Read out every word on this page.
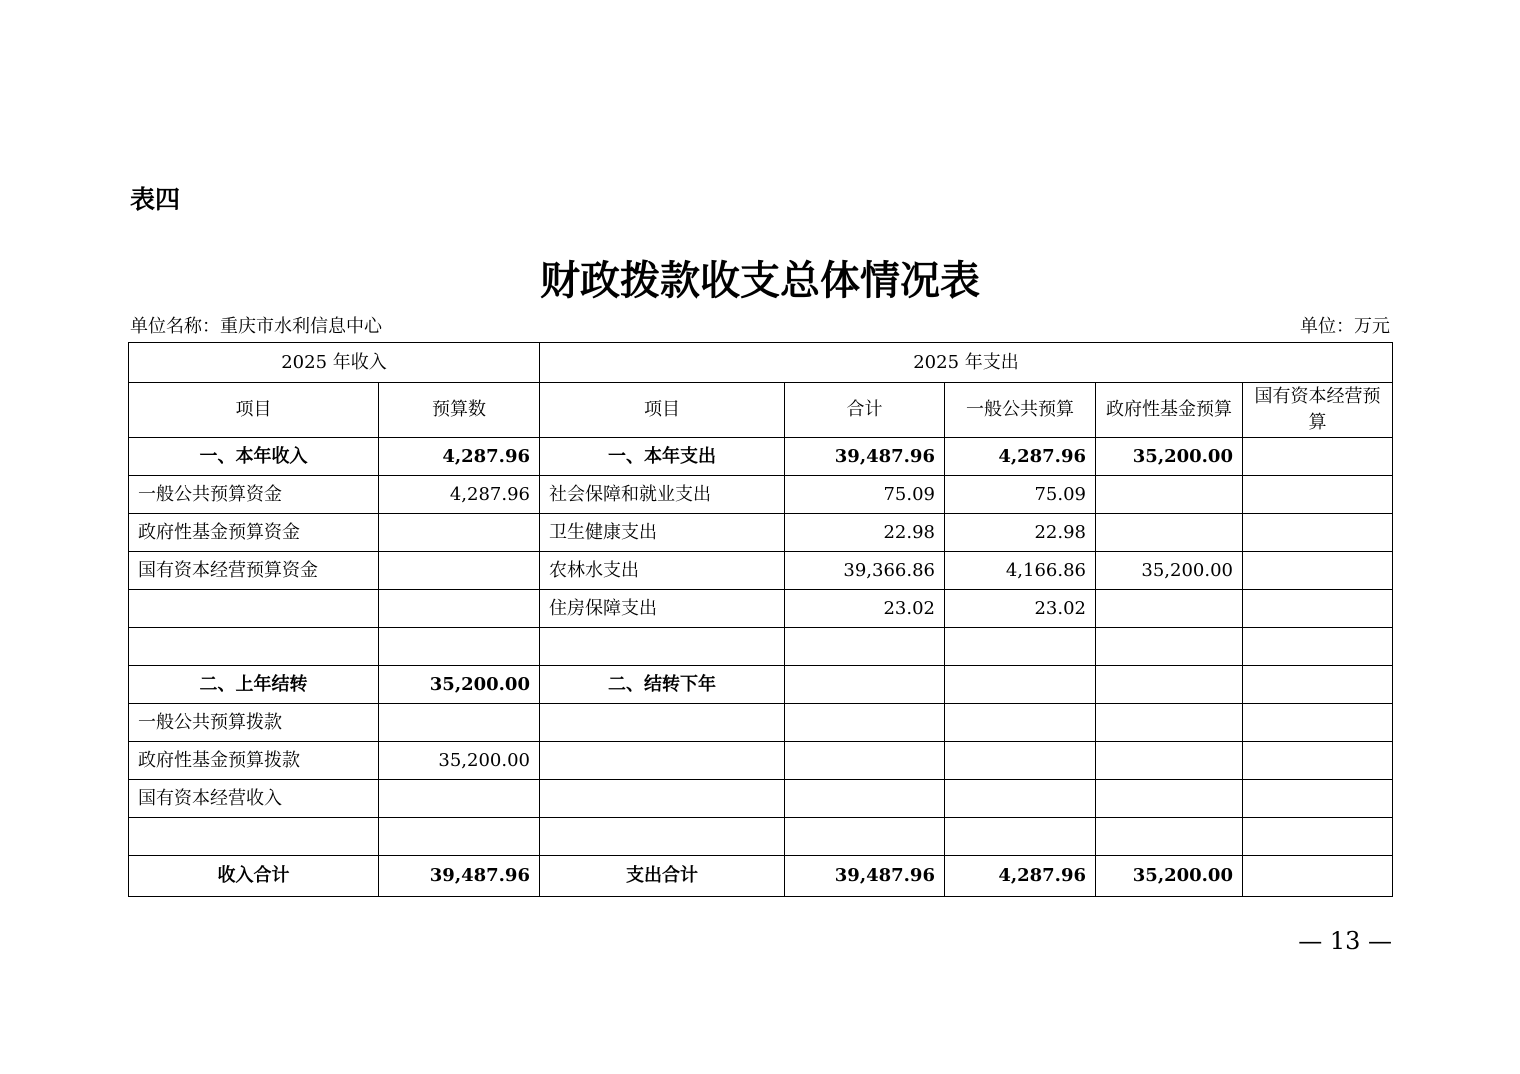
表四
财政拨款收支总体情况表
单位名称：重庆市水利信息中心	单位：万元
2025 年收入		2025 年支出				
项目	预算数	项目	合计	一般公共预算	政府性基金预算	国有资本经营预算
一、本年收入	4,287.96	一、本年支出	39,487.96	4,287.96	35,200.00	
一般公共预算资金	4,287.96	社会保障和就业支出	75.09	75.09		
政府性基金预算资金		卫生健康支出	22.98	22.98		
国有资本经营预算资金		农林水支出	39,366.86	4,166.86	35,200.00	
		住房保障支出	23.02	23.02		

二、上年结转	35,200.00	二、结转下年				
一般公共预算拨款						
政府性基金预算拨款	35,200.00					
国有资本经营收入						

收入合计	39,487.96	支出合计	39,487.96	4,287.96	35,200.00	
— 13 —
